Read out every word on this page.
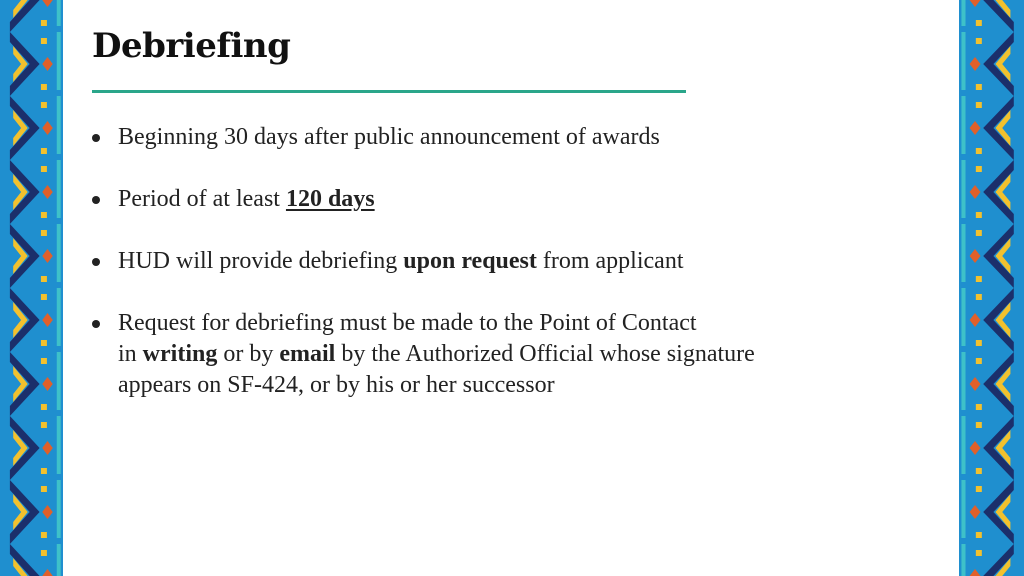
Debriefing
Beginning 30 days after public announcement of awards
Period of at least 120 days
HUD will provide debriefing upon request from applicant
Request for debriefing must be made to the Point of Contact
in writing or by email by the Authorized Official whose signature
appears on SF-424, or by his or her successor
